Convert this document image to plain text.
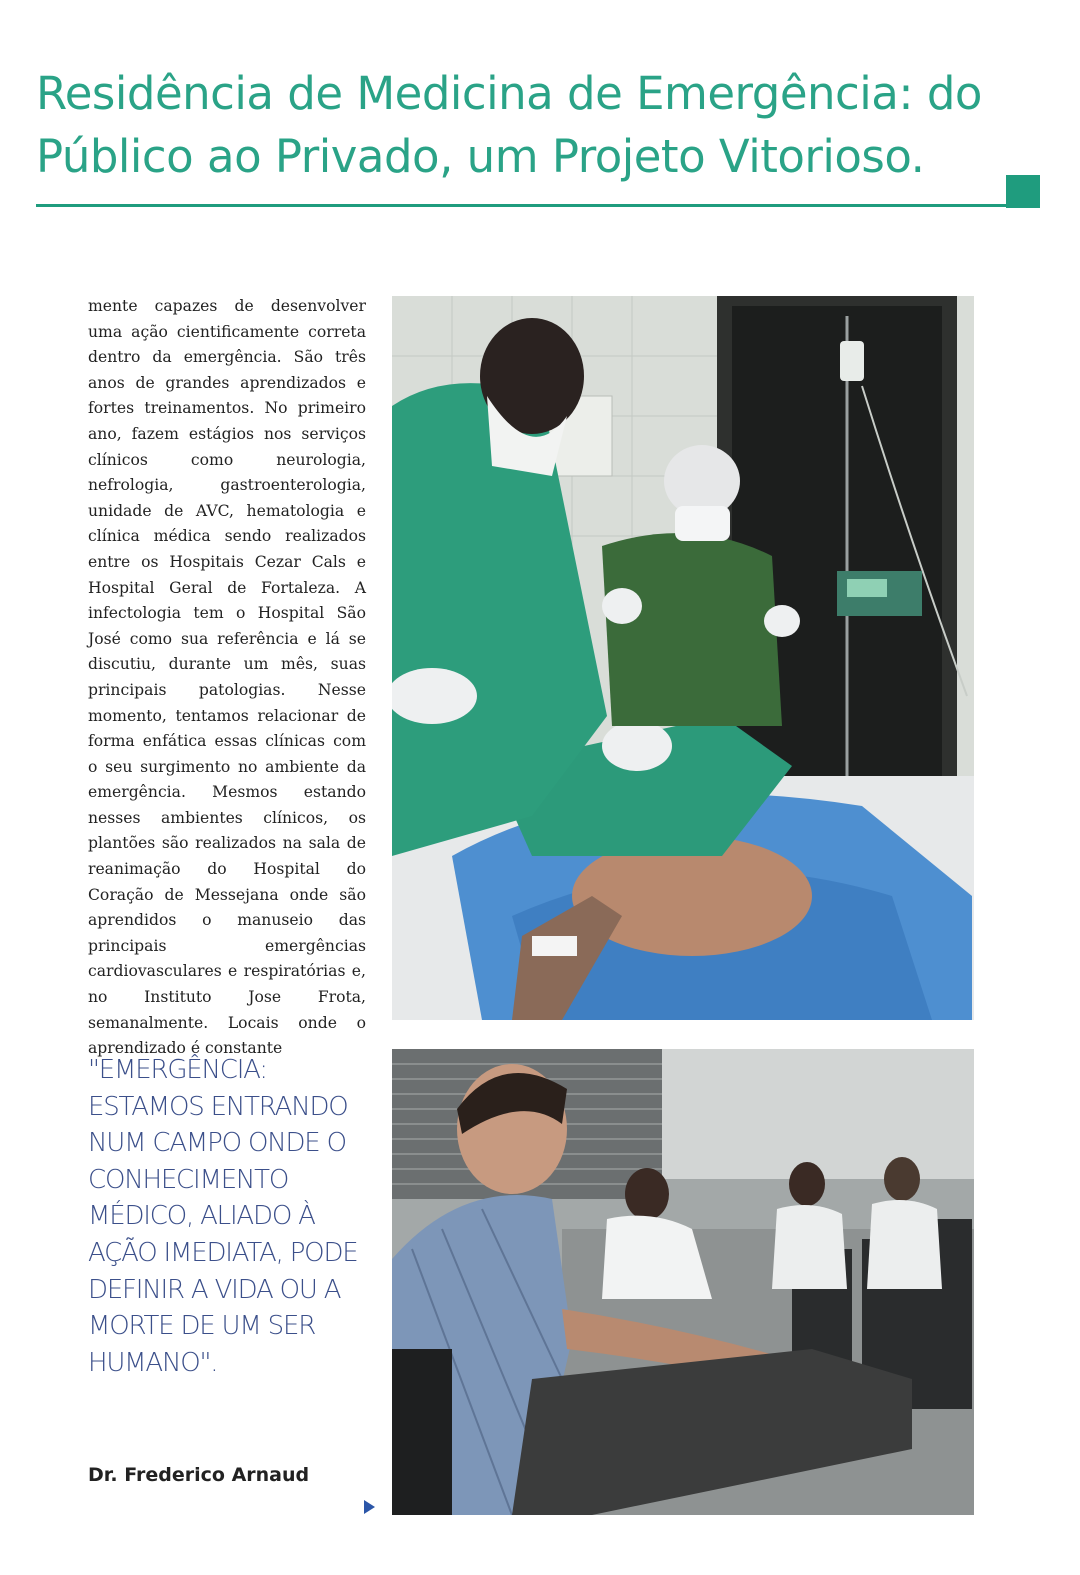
Residência de Medicina de Emergência: do
Público ao Privado, um Projeto Vitorioso.

mente capazes de desenvolver uma ação cientificamente correta dentro da emergência. São três anos de grandes aprendizados e fortes treinamentos. No primeiro ano, fazem estágios nos serviços clínicos como neurologia, nefrologia, gastroenterologia, unidade de AVC, hematologia e clínica médica sendo realizados entre os Hospitais Cezar Cals e Hospital Geral de Fortaleza. A infectologia tem o Hospital São José como sua referência e lá se discutiu, durante um mês, suas principais patologias. Nesse momento, tentamos relacionar de forma enfática essas clínicas com o seu surgimento no ambiente da emergência. Mesmos estando nesses ambientes clínicos, os plantões são realizados na sala de reanimação do Hospital do Coração de Messejana onde são aprendidos o manuseio das principais emergências cardiovasculares e respiratórias e, no Instituto Jose Frota, semanalmente. Locais onde o aprendizado é constante

"EMERGÊNCIA: ESTAMOS ENTRANDO NUM CAMPO ONDE O CONHECIMENTO MÉDICO, ALIADO À AÇÃO IMEDIATA, PODE DEFINIR A VIDA OU A MORTE DE UM SER HUMANO".

Dr. Frederico Arnaud
